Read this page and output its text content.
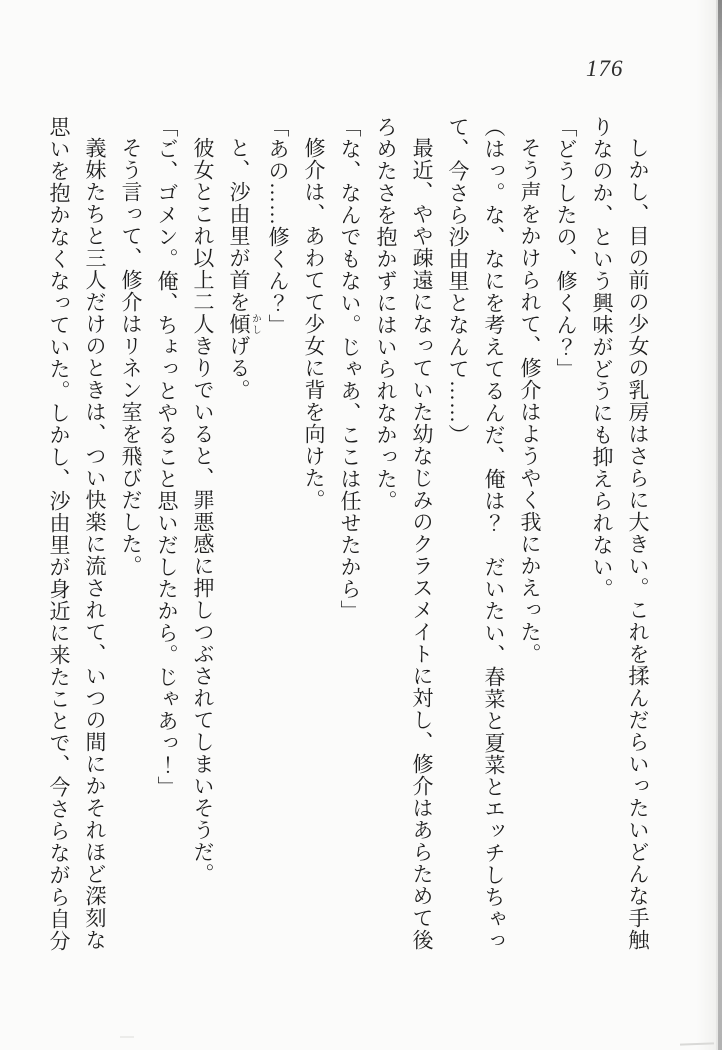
176

しかし、目の前の少女の乳房はさらに大きい。これを揉んだらいったいどんな手触りなのか、という興味がどうにも抑えられない。

「どうしたの、修くん？」

そう声をかけられて、修介はようやく我にかえった。

（はっ。な、なにを考えてるんだ、俺は？　だいたい、春菜と夏菜とエッチしちゃって、今さら沙由里となんて……）

最近、やや疎遠になっていた幼なじみのクラスメイトに対し、修介はあらためて後ろめたさを抱かずにはいられなかった。

「な、なんでもない。じゃあ、ここは任せたから」

修介は、あわてて少女に背を向けた。

「あの……修くん？」

と、沙由里が首を傾 かしげる。

彼女とこれ以上二人きりでいると、罪悪感に押しつぶされてしまいそうだ。

「ご、ゴメン。俺、ちょっとやること思いだしたから。じゃあっ！」

そう言って、修介はリネン室を飛びだした。

義妹たちと三人だけのときは、つい快楽に流されて、いつの間にかそれほど深刻な思いを抱かなくなっていた。しかし、沙由里が身近に来たことで、今さらながら自分
